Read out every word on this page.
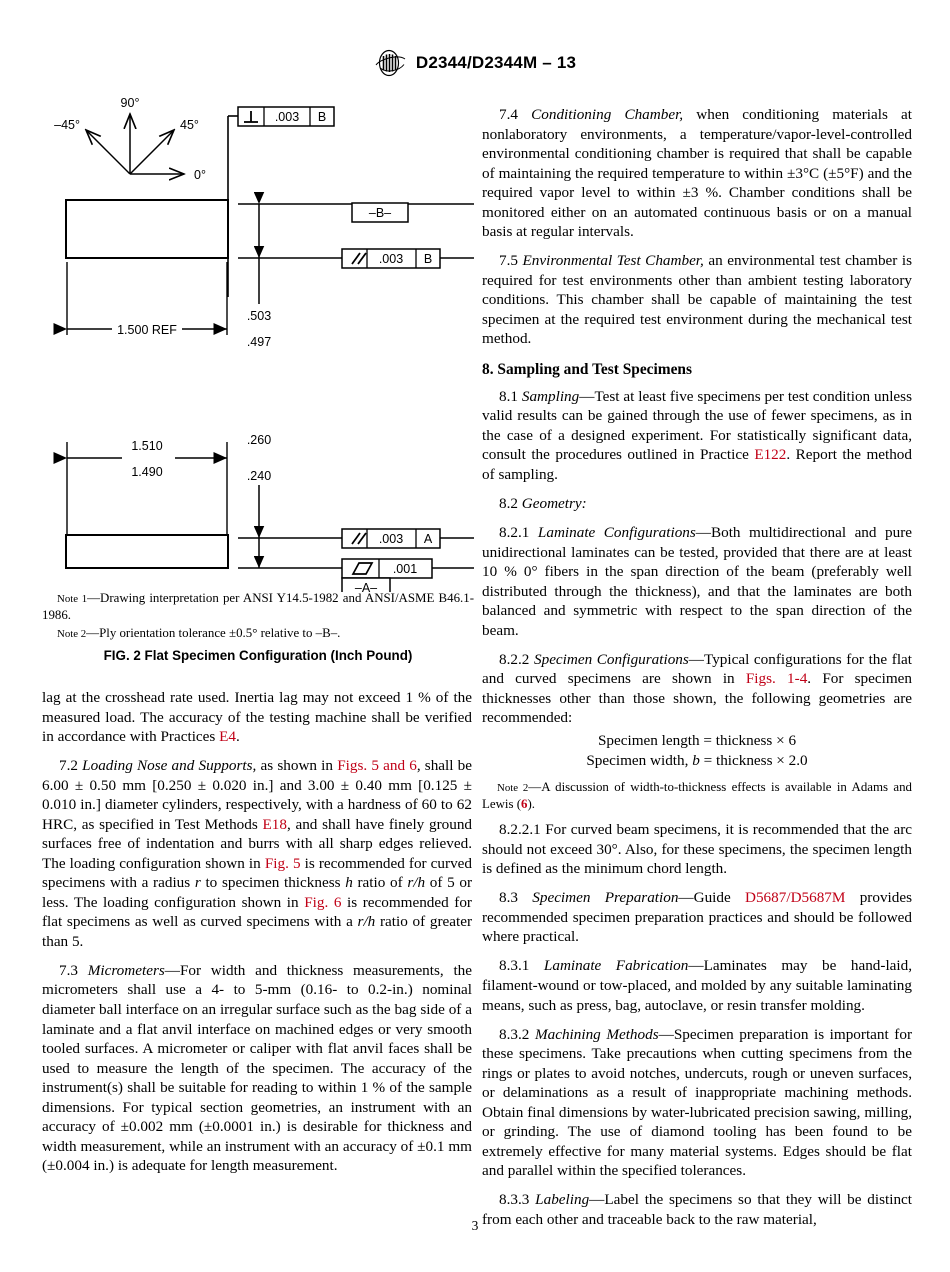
D2344/D2344M – 13
90°
45°
–45°
0°
.003 B
–B–
.003 B
.503
.497
1.500 REF
1.510
1.490
.260
.240
.003 A
.001
–A–

Note 1—Drawing interpretation per ANSI Y14.5-1982 and ANSI/ASME B46.1-1986.

Note 2—Ply orientation tolerance ±0.5° relative to –B–.

FIG. 2 Flat Specimen Configuration (Inch Pound)

lag at the crosshead rate used. Inertia lag may not exceed 1 % of the measured load. The accuracy of the testing machine shall be verified in accordance with Practices E4.

7.2 Loading Nose and Supports, as shown in Figs. 5 and 6, shall be 6.00 ± 0.50 mm [0.250 ± 0.020 in.] and 3.00 ± 0.40 mm [0.125 ± 0.010 in.] diameter cylinders, respectively, with a hardness of 60 to 62 HRC, as specified in Test Methods E18, and shall have finely ground surfaces free of indentation and burrs with all sharp edges relieved. The loading configuration shown in Fig. 5 is recommended for curved specimens with a radius r to specimen thickness h ratio of r/h of 5 or less. The loading configuration shown in Fig. 6 is recommended for flat specimens as well as curved specimens with a r/h ratio of greater than 5.

7.3 Micrometers—For width and thickness measurements, the micrometers shall use a 4- to 5-mm (0.16- to 0.2-in.) nominal diameter ball interface on an irregular surface such as the bag side of a laminate and a flat anvil interface on machined edges or very smooth tooled surfaces. A micrometer or caliper with flat anvil faces shall be used to measure the length of the specimen. The accuracy of the instrument(s) shall be suitable for reading to within 1 % of the sample dimensions. For typical section geometries, an instrument with an accuracy of ±0.002 mm (±0.0001 in.) is desirable for thickness and width measurement, while an instrument with an accuracy of ±0.1 mm (±0.004 in.) is adequate for length measurement.

7.4 Conditioning Chamber, when conditioning materials at nonlaboratory environments, a temperature/vapor-level-controlled environmental conditioning chamber is required that shall be capable of maintaining the required temperature to within ±3°C (±5°F) and the required vapor level to within ±3 %. Chamber conditions shall be monitored either on an automated continuous basis or on a manual basis at regular intervals.

7.5 Environmental Test Chamber, an environmental test chamber is required for test environments other than ambient testing laboratory conditions. This chamber shall be capable of maintaining the test specimen at the required test environment during the mechanical test method.

8. Sampling and Test Specimens

8.1 Sampling—Test at least five specimens per test condition unless valid results can be gained through the use of fewer specimens, as in the case of a designed experiment. For statistically significant data, consult the procedures outlined in Practice E122. Report the method of sampling.

8.2 Geometry:

8.2.1 Laminate Configurations—Both multidirectional and pure unidirectional laminates can be tested, provided that there are at least 10 % 0° fibers in the span direction of the beam (preferably well distributed through the thickness), and that the laminates are both balanced and symmetric with respect to the span direction of the beam.

8.2.2 Specimen Configurations—Typical configurations for the flat and curved specimens are shown in Figs. 1-4. For specimen thicknesses other than those shown, the following geometries are recommended:

Specimen length = thickness × 6

Specimen width, b = thickness × 2.0

Note 2—A discussion of width-to-thickness effects is available in Adams and Lewis (6).

8.2.2.1 For curved beam specimens, it is recommended that the arc should not exceed 30°. Also, for these specimens, the specimen length is defined as the minimum chord length.

8.3 Specimen Preparation—Guide D5687/D5687M provides recommended specimen preparation practices and should be followed where practical.

8.3.1 Laminate Fabrication—Laminates may be hand-laid, filament-wound or tow-placed, and molded by any suitable laminating means, such as press, bag, autoclave, or resin transfer molding.

8.3.2 Machining Methods—Specimen preparation is important for these specimens. Take precautions when cutting specimens from the rings or plates to avoid notches, undercuts, rough or uneven surfaces, or delaminations as a result of inappropriate machining methods. Obtain final dimensions by water-lubricated precision sawing, milling, or grinding. The use of diamond tooling has been found to be extremely effective for many material systems. Edges should be flat and parallel within the specified tolerances.

8.3.3 Labeling—Label the specimens so that they will be distinct from each other and traceable back to the raw material,

3
